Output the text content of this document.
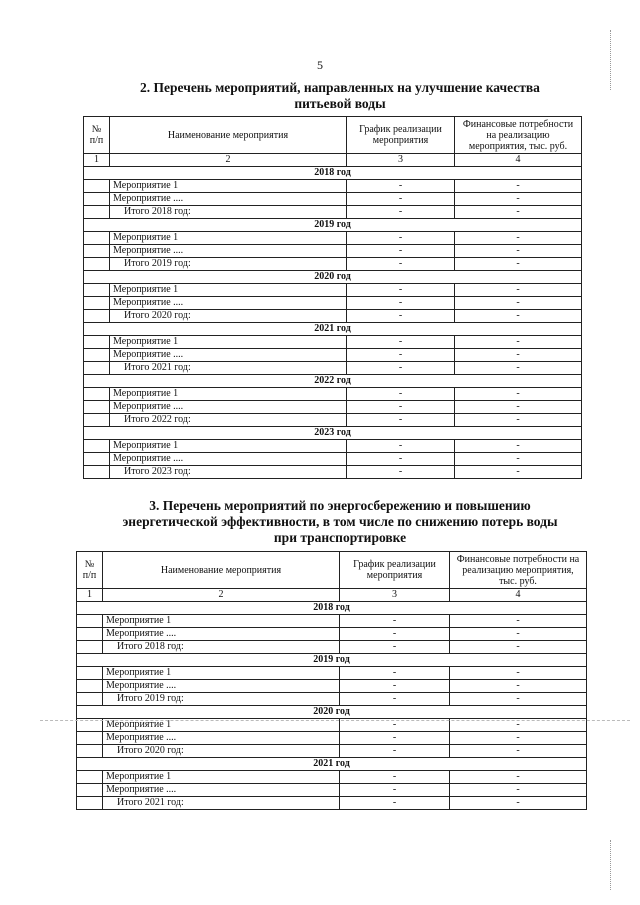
5
2. Перечень мероприятий, направленных на улучшение качества
питьевой воды
№ п/п	Наименование мероприятия	График реализации мероприятия	Финансовые потребности на реализацию мероприятия, тыс. руб.
1	2	3	4
2018 год			
	Мероприятие 1	-	-
	Мероприятие ....	-	-
	Итого 2018 год:	-	-
2019 год			
	Мероприятие 1	-	-
	Мероприятие ....	-	-
	Итого 2019 год:	-	-
2020 год			
	Мероприятие 1	-	-
	Мероприятие ....	-	-
	Итого 2020 год:	-	-
2021 год			
	Мероприятие 1	-	-
	Мероприятие ....	-	-
	Итого 2021 год:	-	-
2022 год			
	Мероприятие 1	-	-
	Мероприятие ....	-	-
	Итого 2022 год:	-	-
2023 год			
	Мероприятие 1	-	-
	Мероприятие ....	-	-
	Итого 2023 год:	-	-
3. Перечень мероприятий по энергосбережению и повышению
энергетической эффективности, в том числе по снижению потерь воды
при транспортировке
№ п/п	Наименование мероприятия	График реализации мероприятия	Финансовые потребности на реализацию мероприятия, тыс. руб.
1	2	3	4
2018 год			
	Мероприятие 1	-	-
	Мероприятие ....	-	-
	Итого 2018 год:	-	-
2019 год			
	Мероприятие 1	-	-
	Мероприятие ....	-	-
	Итого 2019 год:	-	-
2020 год			
	Мероприятие 1	-	-
	Мероприятие ....	-	-
	Итого 2020 год:	-	-
2021 год			
	Мероприятие 1	-	-
	Мероприятие ....	-	-
	Итого 2021 год:	-	-
